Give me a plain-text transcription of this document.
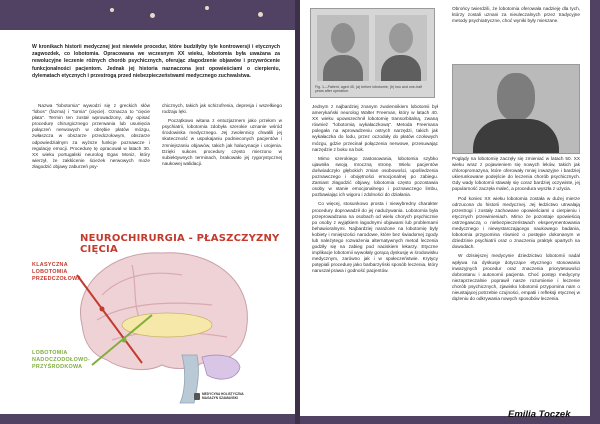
W kronikach historii medycznej jest niewiele procedur, które budziłyby tyle kontrowersji i etycznych zagwozdek, co lobotomia. Opracowana we wczesnym XX wieku, lobotomia była uważana za rewolucyjne leczenie różnych chorób psychicznych, oferując złagodzenie objawów i przywrócenie funkcjonalności pacjentom. Jednak jej historia naznaczona jest opowieściami o cierpieniu, dylematach etycznych i przestrogą przed niebezpieczeństwami medycznego zuchwalstwa.

Nazwa "lobotomia" wywodzi się z greckich słów "lobos" (fazma) i "tomia" (cięcie). Oznacza to "cięcie płata". Termin ten został wprowadzony, aby opisać procedurę chirurgicznego przerwania lub usunięcia połączeń nerwowych w obrębie płatów mózgu, zwłaszcza w obszarze przedczołowym, obszarze odpowiedzialnym za wyższe funkcje poznawcze i regulację emocji. Procedurę tę opracował w latach 30. XX wieku portugalski neurolog Egas Moniz, który wierzył, że zakłócenie ścieżek nerwowych może złagodzić objawy zaburzeń psy-

chicznych, takich jak schizofrenia, depresja i wszelkiego rodzaju lęki.

Początkowo witana z entuzjazmem jako przełom w psychiatrii, lobotomia zdobyła szerokie uznanie wśród środowiska medycznego. Jej zwolennicy chwalili jej skuteczność w uspokajaniu podnieconych pacjentów i zmniejszaniu objawów, takich jak halucynacje i urojenia. Dzięki sukces procedury często mierzono w subiektywnych terminach, brakowało jej rygorystycznej naukowej walidacji.

NEUROCHIRURGIA - PŁASZCZYZNY CIĘCIA
KLASYCZNA
LOBOTOMIA
PRZEDCZOŁOWA
LOBOTOMIA
NADOCZODOŁOWO-
PRZYŚRODKOWA
MEDYCYNA HOLISTYCZNA
MAGAZYN SZAMAŃSKI
Fig. 1—Patient, aged 45, (a) before lobotomie, (b) two and one-half years after operation.

Jednym z najbardziej znanym zwolennikiem lobotomii był amerykański neurolog Walter Freeman, który w latach 40. XX wieku upowszechnił lobotomię transorbitalną, zwaną również "lobotomią wykałaczkową". Metoda Freemana polegała na wprowadzeniu ostrych narzędzi, takich jak wykałaczka do lodu, przez oczodoły do płatów czołowych mózgu, gdzie przecinał połączenia nerwowe, przesuwając narzędzie z boku na bok.

Mimo szerokiego zastosowania, lobotomia szybko ujawniła swoją mroczną stronę. Wielu pacjentów doświadczyło głębokich zmian osobowości, upośledzenia poznawczego i obojętności emocjonalnej po zabiegu. Zamiast złagodzić objawy, lobotomia często pozostawia osoby w stanie emocjonalnego i poznawczego limbu, pozbawiając ich wigoru i zdolności do działania.

Co więcej, stosunkowo prosta i niewybredny charakter procedury doprowadził do jej nadużywania. Lobotomia była przeprowadzana na osobach od wielu chorych psychicznie po osoby z wyjątkiem łagodnymi objawami lub problemami behawioralnymi. Najbardziej narażone na lobotomię były kobiety i mniejszości narodowe, które bez świadomej zgody lub należytego rozważenia alternatywnych metod leczenia godziły się na zabieg pod naciskiem lekarzy. Etyczne implikacje lobotomii wywołały gorącą dyskusję w środowisku medycznym, zarówno jak i w społeczeństwie. Krytycy potępiali procedurę jako barbarzyński sposób leczenia, który naruszał prawa i godność pacjentów.

Obrońcy twierdzili, że lobotomia oferowała nadzieję dla tych, którzy zostali uznani za nieuleczalnych przez tradycyjne metody psychiatryczne, choć wyniki były mieszane.

Poglądy na lobotomię zaczęły się zmieniać w latach 50. XX wieku wraz z pojawieniem się nowych leków, takich jak chloropromazyna, które oferowały mniej inwazyjne i bardziej ukierunkowane podejście do leczenia chorób psychicznych. Gdy wady lobotomii stawały się coraz bardziej oczywiste, jej popularność zaczęła maleć, a procedura wyszła z użycia.

Pod koniec XX wieku lobotomia została w dużej mierze odrzucona do historii medycznej. Jej łedzictwo utrwalają przestrogi i zostały zachowane opowieściami o cierpieniu i etycznych przewinieniach. Mimo że pozostaje opowieścią ostrzegawczą o niebezpieczeństwach eksperymentowania medycznego i niewystarczającego naukowego badania, lobotomia przypomina również o postępie dokonanym w dziedzinie psychiatrii oraz o znaczeniu praktyk opartych na dowodach.

W dzisiejszej medycynie dziedzictwo lobotomii nadal wpływa na dyskusje dotyczące etycznego stosowania inwazyjnych procedur oraz znaczenia priorytetowości dobrostanu i autonomii pacjenta. Choć postęp medycyny niezaprzeczalnie poprawił nasze rozumienie i leczenie chorób psychicznych, zjawisko lobotomii przypomina nam o nieustającej potrzebie czujności, empatii i refleksji etycznej w dążeniu do odkrywania nowych sposobów leczenia.

Emilia Toczek
